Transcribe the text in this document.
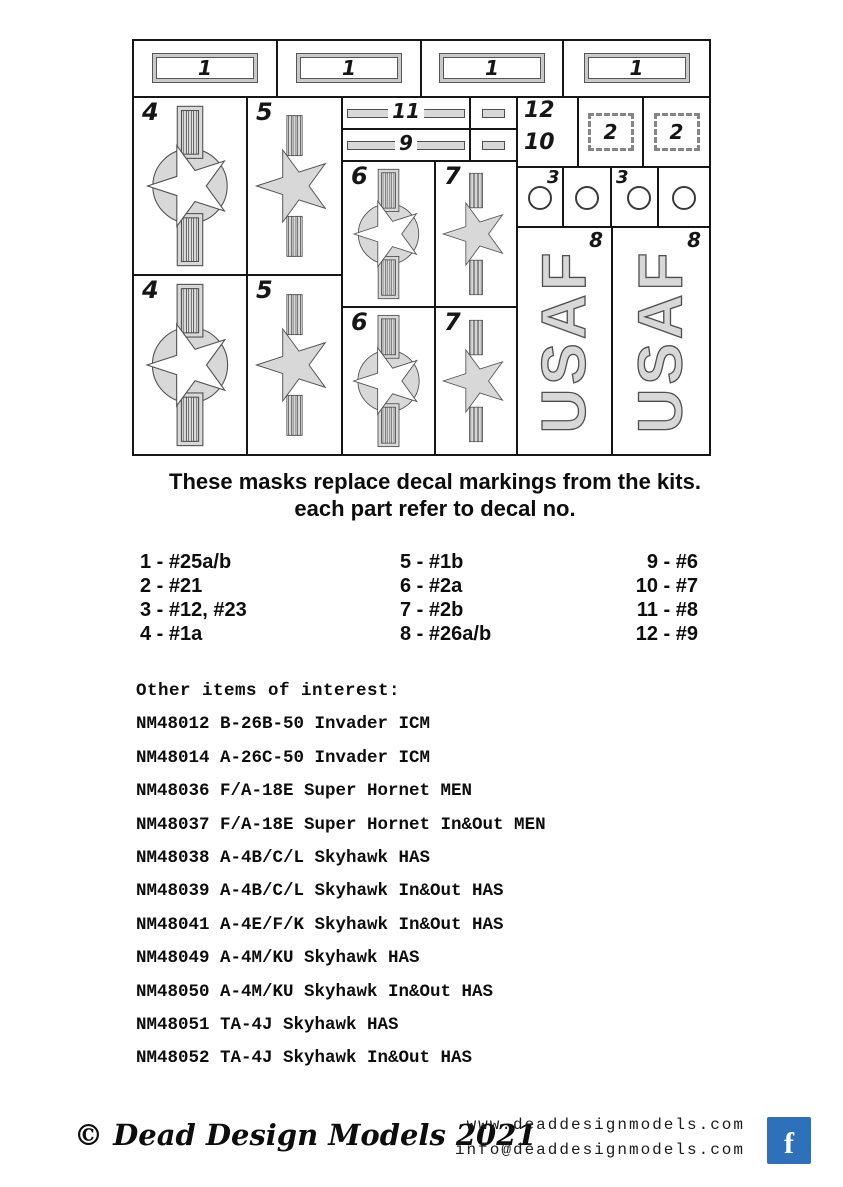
1	1	1	1
4
4
5
5
11
9
6
6
7
7
12
10 2	2
3	3
USAF
8
USAF
8
These masks replace decal markings from the kits.
each part refer to decal no.
1 - #25a/b
2 - #21
3 - #12, #23
4 - #1a
5 - #1b
6 - #2a
7 - #2b
8 - #26a/b
9 - #6
10 - #7
11 - #8
12 - #9
Other items of interest:
NM48012 B-26B-50 Invader ICM
NM48014 A-26C-50 Invader ICM
NM48036 F/A-18E Super Hornet MEN
NM48037 F/A-18E Super Hornet In&Out MEN
NM48038 A-4B/C/L Skyhawk HAS
NM48039 A-4B/C/L Skyhawk In&Out HAS
NM48041 A-4E/F/K Skyhawk In&Out HAS
NM48049 A-4M/KU Skyhawk HAS
NM48050 A-4M/KU Skyhawk In&Out HAS
NM48051 TA-4J Skyhawk HAS
NM48052 TA-4J Skyhawk In&Out HAS
© Dead Design Models 2021
www.deaddesignmodels.com
info@deaddesignmodels.com f
